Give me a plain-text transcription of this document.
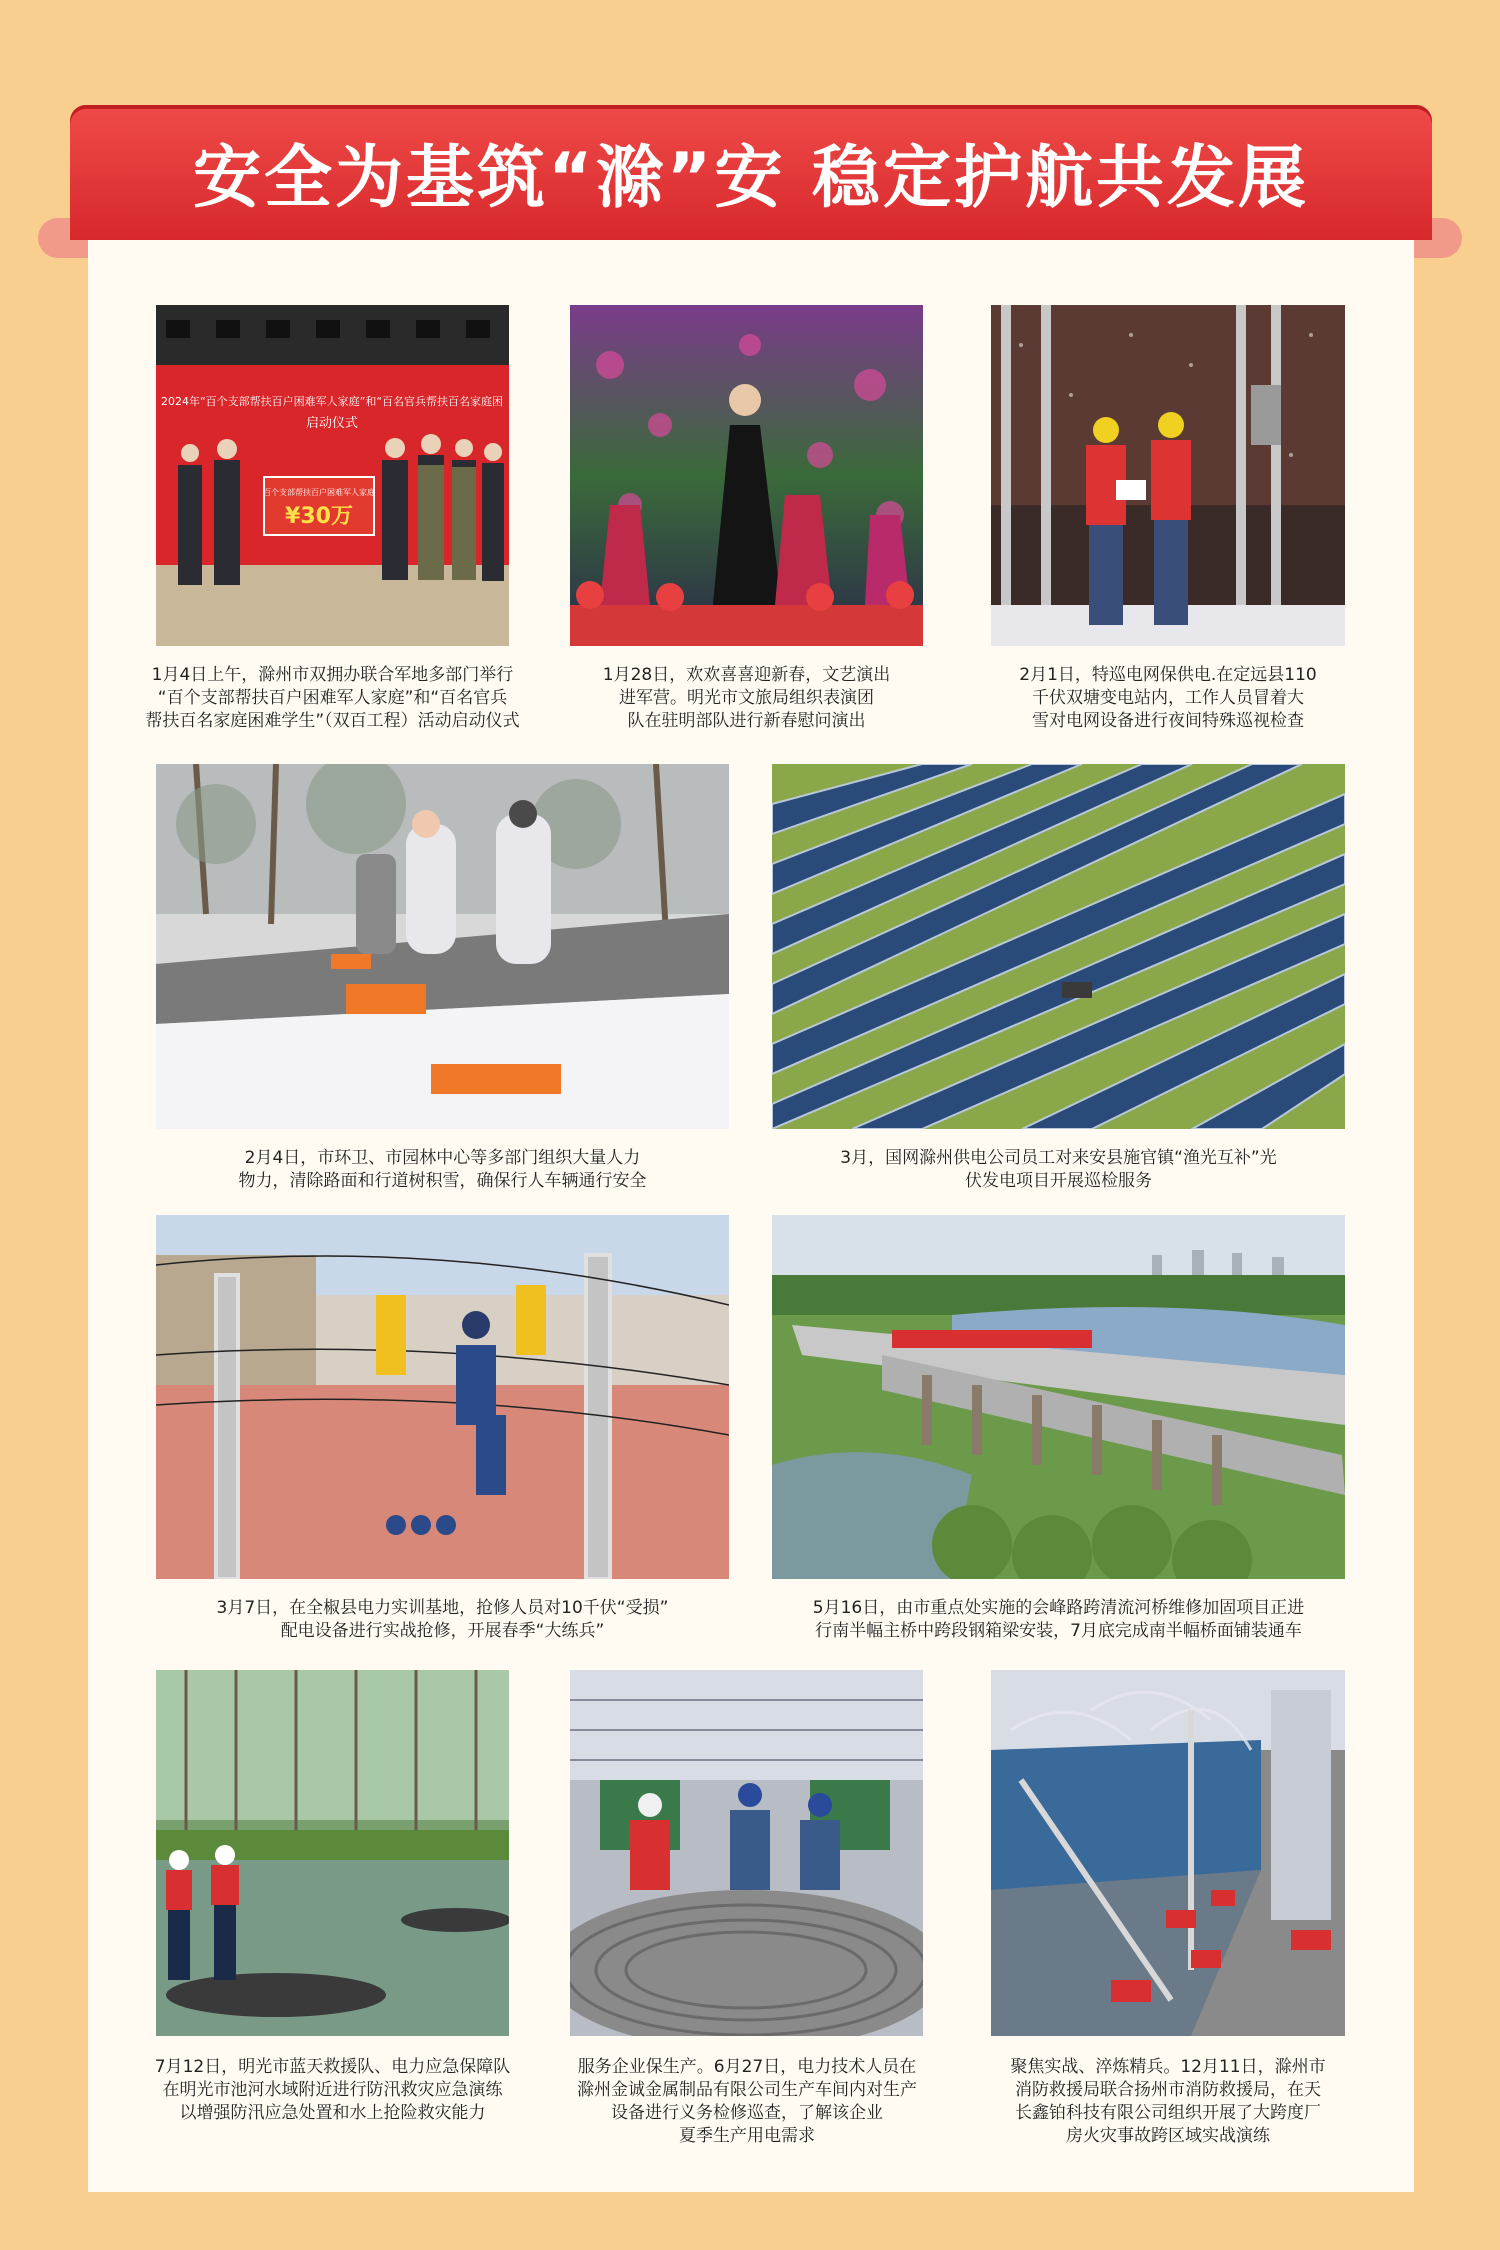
安全为基筑“滁”安 稳定护航共发展
2024年“百个支部帮扶百户困难军人家庭”和“百名官兵帮扶百名家庭困
启动仪式
百个支部帮扶百户困难军人家庭
¥30万
1月4日上午，滁州市双拥办联合军地多部门举行
“百个支部帮扶百户困难军人家庭”和“百名官兵
帮扶百名家庭困难学生”（双百工程）活动启动仪式
1月28日，欢欢喜喜迎新春，文艺演出
进军营。明光市文旅局组织表演团
队在驻明部队进行新春慰问演出
2月1日，特巡电网保供电.在定远县110
千伏双塘变电站内，工作人员冒着大
雪对电网设备进行夜间特殊巡视检查
2月4日，市环卫、市园林中心等多部门组织大量人力
物力，清除路面和行道树积雪，确保行人车辆通行安全
3月，国网滁州供电公司员工对来安县施官镇“渔光互补”光
伏发电项目开展巡检服务
3月7日，在全椒县电力实训基地，抢修人员对10千伏“受损”
配电设备进行实战抢修，开展春季“大练兵”
5月16日，由市重点处实施的会峰路跨清流河桥维修加固项目正进
行南半幅主桥中跨段钢箱梁安装，7月底完成南半幅桥面铺装通车
7月12日，明光市蓝天救援队、电力应急保障队
在明光市池河水域附近进行防汛救灾应急演练
以增强防汛应急处置和水上抢险救灾能力
服务企业保生产。6月27日，电力技术人员在
滁州金诚金属制品有限公司生产车间内对生产
设备进行义务检修巡查，了解该企业
夏季生产用电需求
聚焦实战、淬炼精兵。12月11日，滁州市
消防救援局联合扬州市消防救援局，在天
长鑫铂科技有限公司组织开展了大跨度厂
房火灾事故跨区域实战演练
